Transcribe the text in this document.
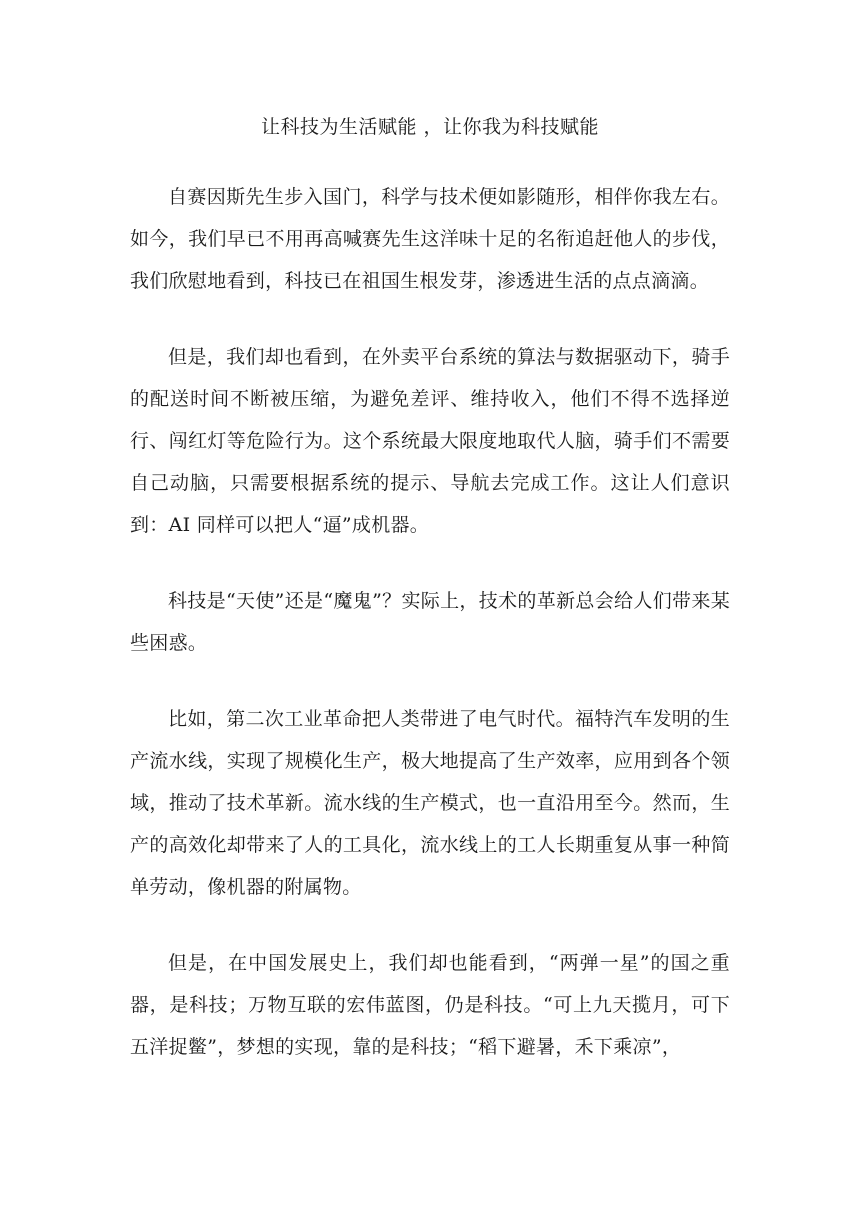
让科技为生活赋能 ，让你我为科技赋能

自赛因斯先生步入国门，科学与技术便如影随形，相伴你我左右。如今，我们早已不用再高喊赛先生这洋味十足的名衔追赶他人的步伐，我们欣慰地看到，科技已在祖国生根发芽，渗透进生活的点点滴滴。

但是，我们却也看到，在外卖平台系统的算法与数据驱动下，骑手的配送时间不断被压缩，为避免差评、维持收入，他们不得不选择逆行、闯红灯等危险行为。这个系统最大限度地取代人脑，骑手们不需要自己动脑，只需要根据系统的提示、导航去完成工作。这让人们意识到：AI 同样可以把人“逼”成机器。

科技是“天使”还是“魔鬼”？实际上，技术的革新总会给人们带来某些困惑。

比如，第二次工业革命把人类带进了电气时代。福特汽车发明的生产流水线，实现了规模化生产，极大地提高了生产效率，应用到各个领域，推动了技术革新。流水线的生产模式，也一直沿用至今。然而，生产的高效化却带来了人的工具化，流水线上的工人长期重复从事一种简单劳动，像机器的附属物。

但是，在中国发展史上，我们却也能看到，“两弹一星”的国之重器，是科技；万物互联的宏伟蓝图，仍是科技。“可上九天揽月，可下五洋捉鳖”，梦想的实现，靠的是科技；“稻下避暑，禾下乘凉”，
